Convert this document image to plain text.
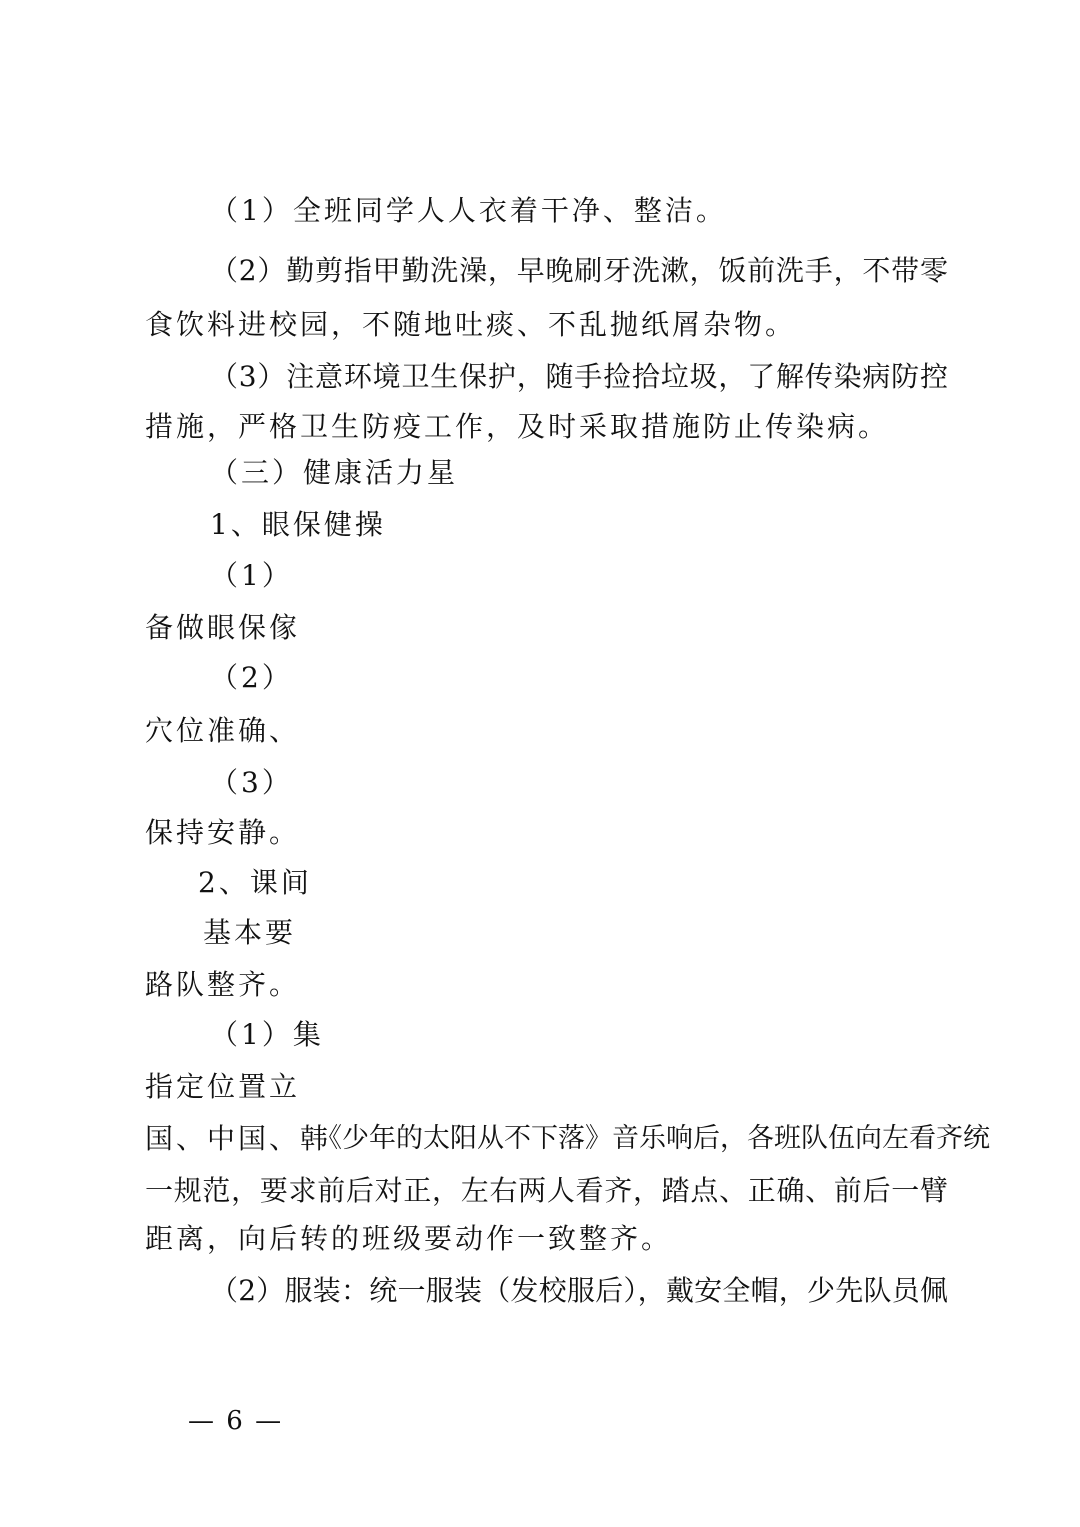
（1）全班同学人人衣着干净、整洁。
（2）勤剪指甲勤洗澡，早晚刷牙洗漱，饭前洗手，不带零
食饮料进校园，不随地吐痰、不乱抛纸屑杂物。
（3）注意环境卫生保护，随手捡拾垃圾，了解传染病防控
措施，严格卫生防疫工作，及时采取措施防止传染病。
（三）健康活力星
1、眼保健操
（1）
备做眼保傢
（2）
穴位准确、
（3）
保持安静。
2、课间
基本要
路队整齐。
（1）集
指定位置立
国、中国、韩
《少年的太阳从不下落》音乐响后，各班队伍向左看齐统
一规范，要求前后对正，左右两人看齐，踏点、正确、前后一臂
距离，向后转的班级要动作一致整齐。
（2）服装：统一服装（发校服后），戴安全帽，少先队员佩
— 6 —
